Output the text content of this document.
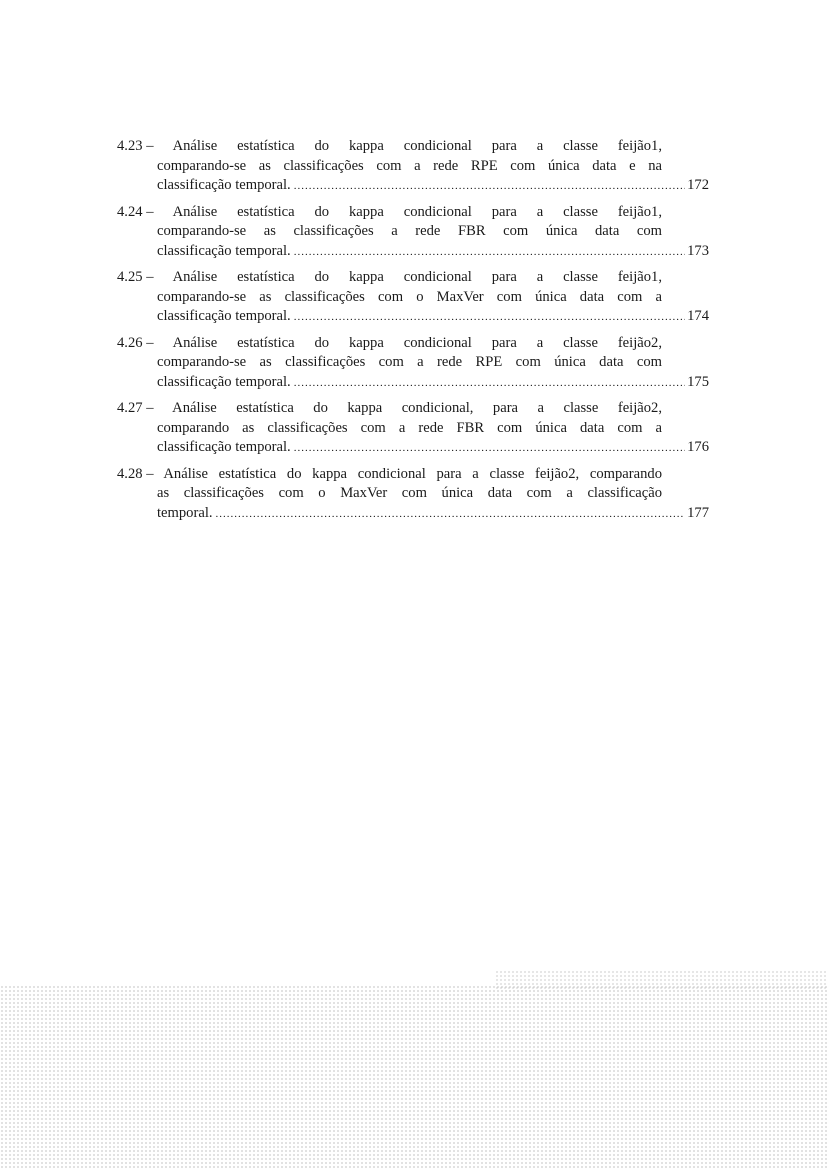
4.23
– Análise estatística do kappa condicional para a classe feijão1,
comparando-se as classificações com a rede RPE com única data e na
classificação temporal. .....	172
4.24
– Análise estatística do kappa condicional para a classe feijão1,
comparando-se as classificações a rede FBR com única data com
classificação temporal. .....	173
4.25
– Análise estatística do kappa condicional para a classe feijão1,
comparando-se as classificações com o MaxVer com única data com a
classificação temporal. .....	174
4.26
– Análise estatística do kappa condicional para a classe feijão2,
comparando-se as classificações com a rede RPE com única data com
classificação temporal. .....	175
4.27
– Análise estatística do kappa condicional, para a classe feijão2,
comparando as classificações com a rede FBR com única data com a
classificação temporal. .....	176
4.28
– Análise estatística do kappa condicional para a classe feijão2, comparando
as classificações com o MaxVer com única data com a classificação
temporal. .....	177
